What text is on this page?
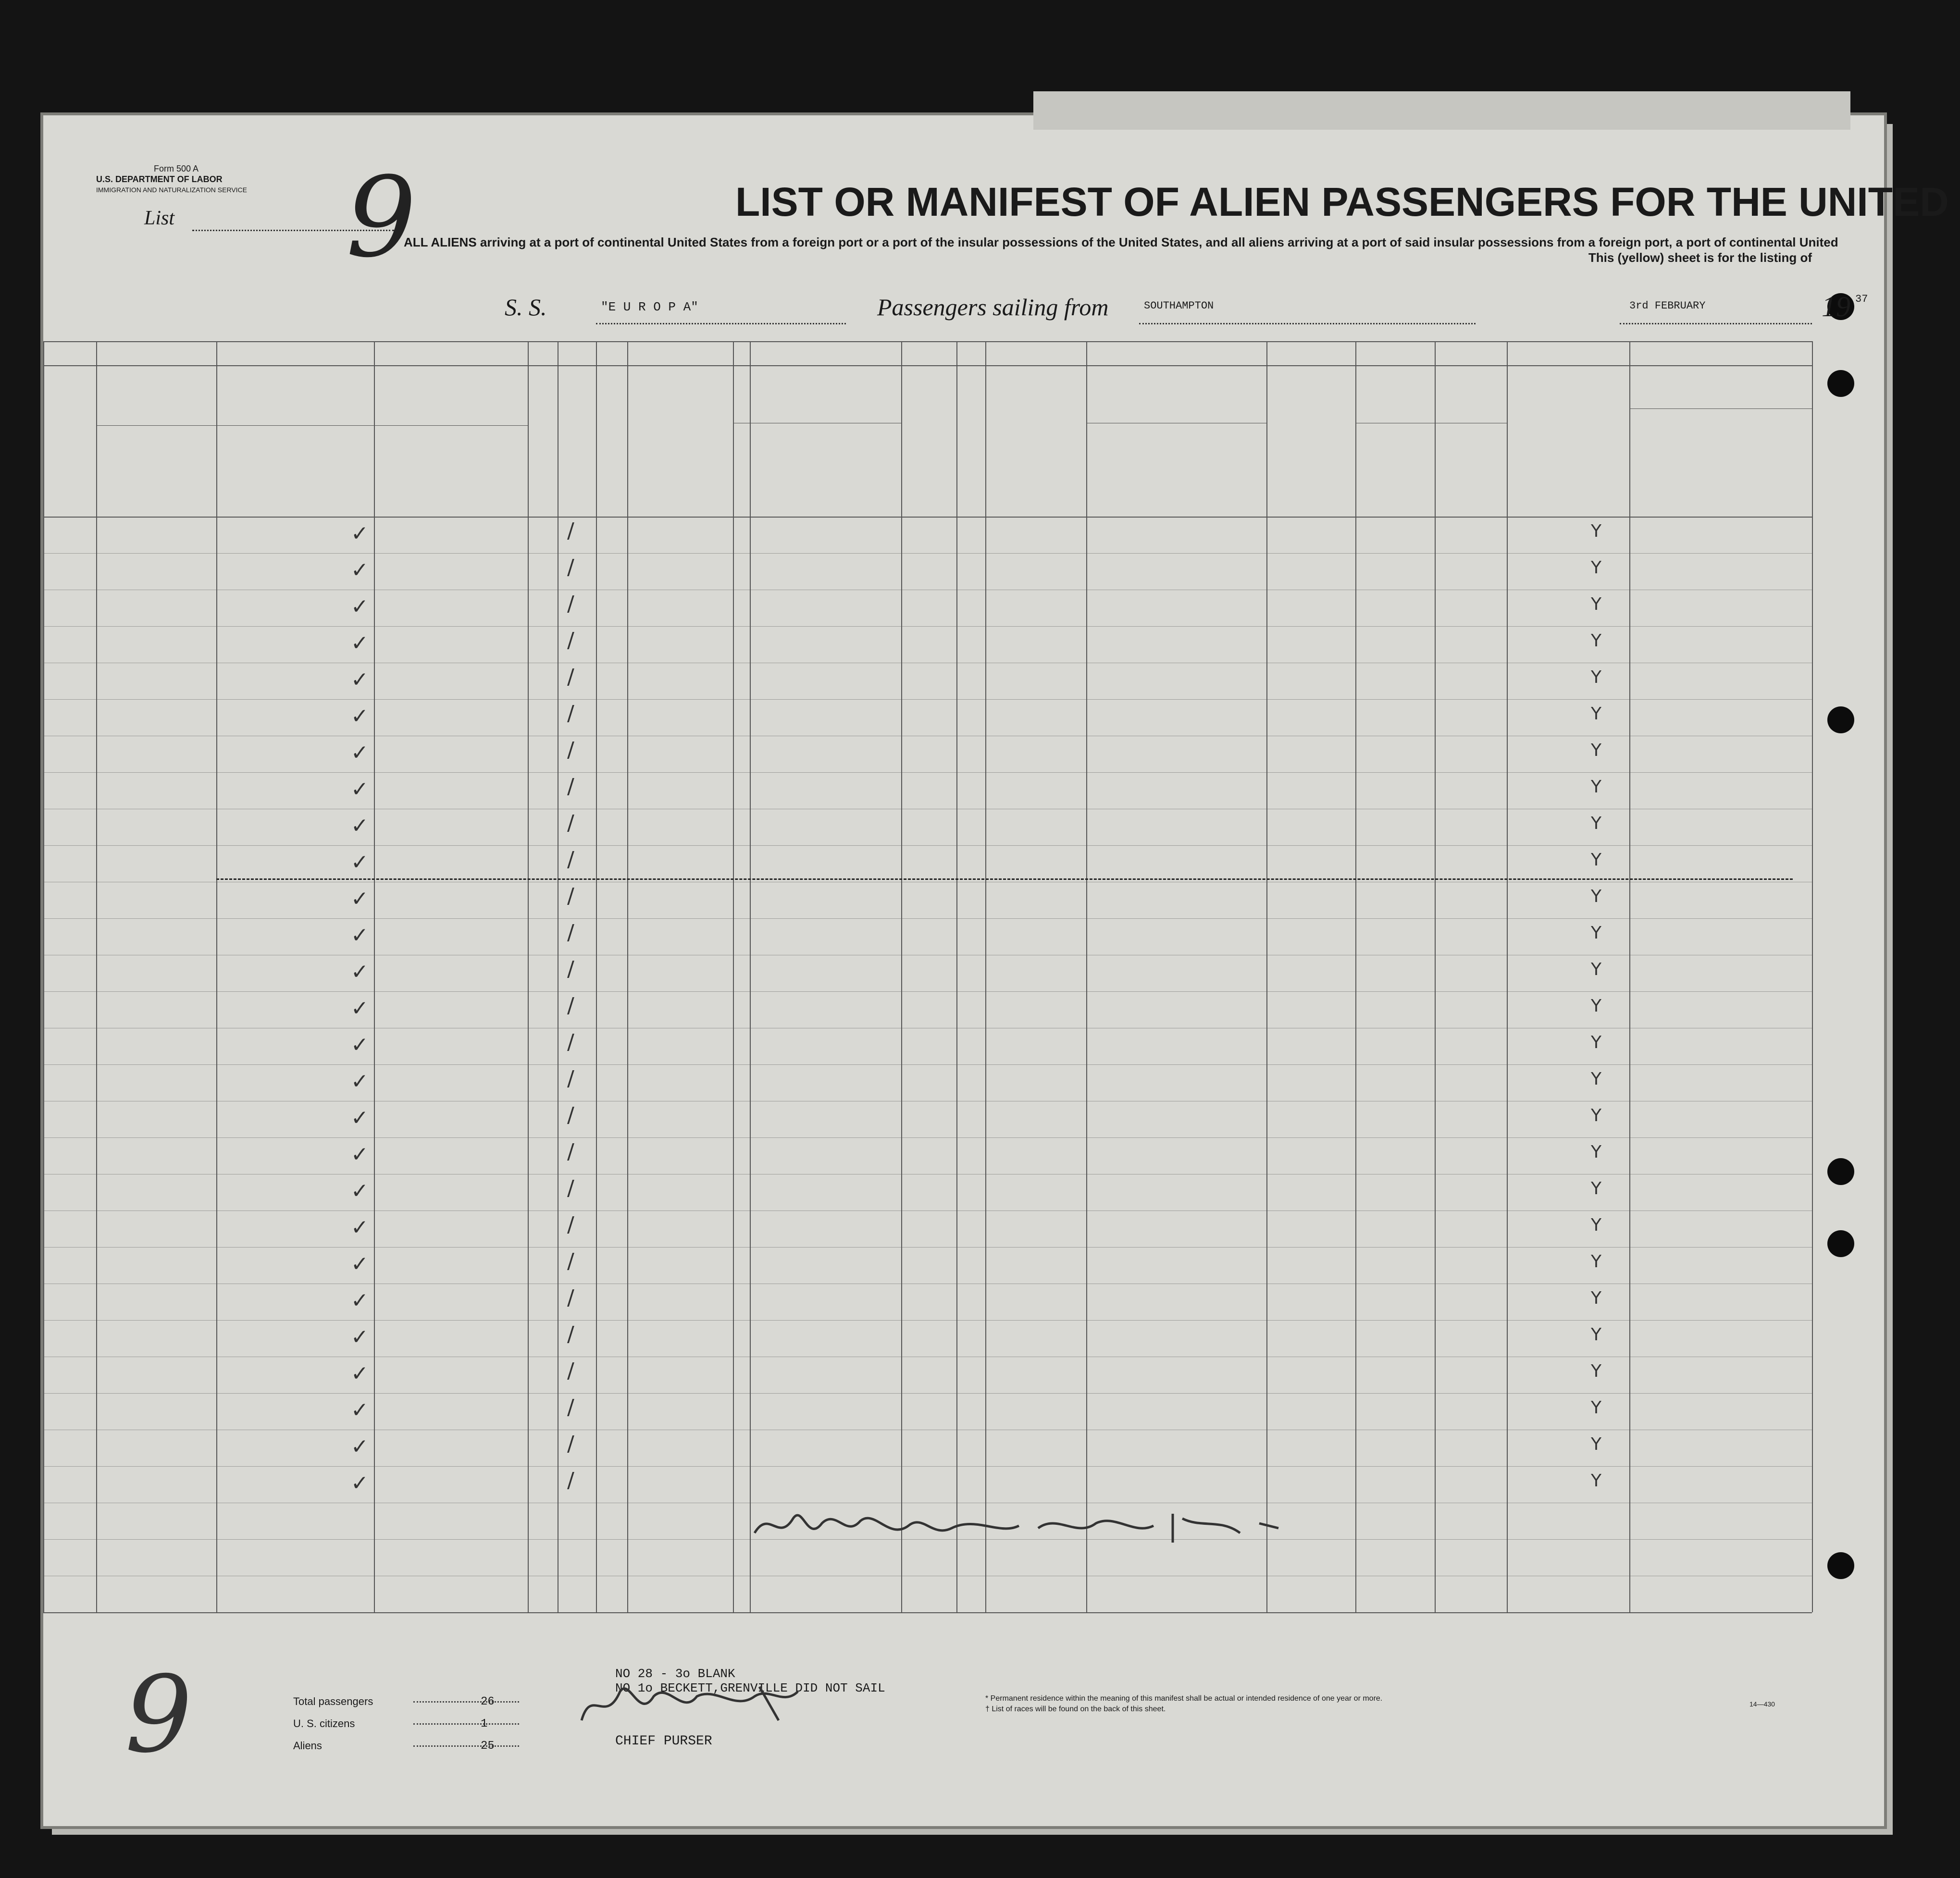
Form 500 A
U.S. DEPARTMENT OF LABOR
IMMIGRATION AND NATURALIZATION SERVICE
List 9	LIST OR MANIFEST OF ALIEN PASSENGERS FOR THE UNITED
ALL ALIENS arriving at a port of continental United States from a foreign port or a port of the insular possessions of the United States, and all aliens arriving at a port of said insular possessions from a foreign port, a port of continental United
This (yellow) sheet is for the listing of
S. S.	"E U R O P A"	Passengers sailing from	SOUTHAMPTON	3rd FEBRUARY	19 37
✓	/	Y
✓	/	Y
✓	/	Y
✓	/	Y
✓	/	Y
✓	/	Y
✓	/	Y
✓	/	Y
✓	/	Y
✓	/	Y
✓	/	Y
✓	/	Y
✓	/	Y
✓	/	Y
✓	/	Y
✓	/	Y
✓	/	Y
✓	/	Y
✓	/	Y
✓	/	Y
✓	/	Y
✓	/	Y
✓	/	Y
✓	/	Y
✓	/	Y
✓	/	Y
✓	/	Y
NO 28 - 3o BLANK
NO 1o BECKETT,GRENVILLE DID NOT SAIL
Total passengers	26
U. S. citizens	1
Aliens	25	CHIEF PURSER
* Permanent residence within the meaning of this manifest shall be actual or intended residence of one year or more.
† List of races will be found on the back of this sheet.
14—430
9
